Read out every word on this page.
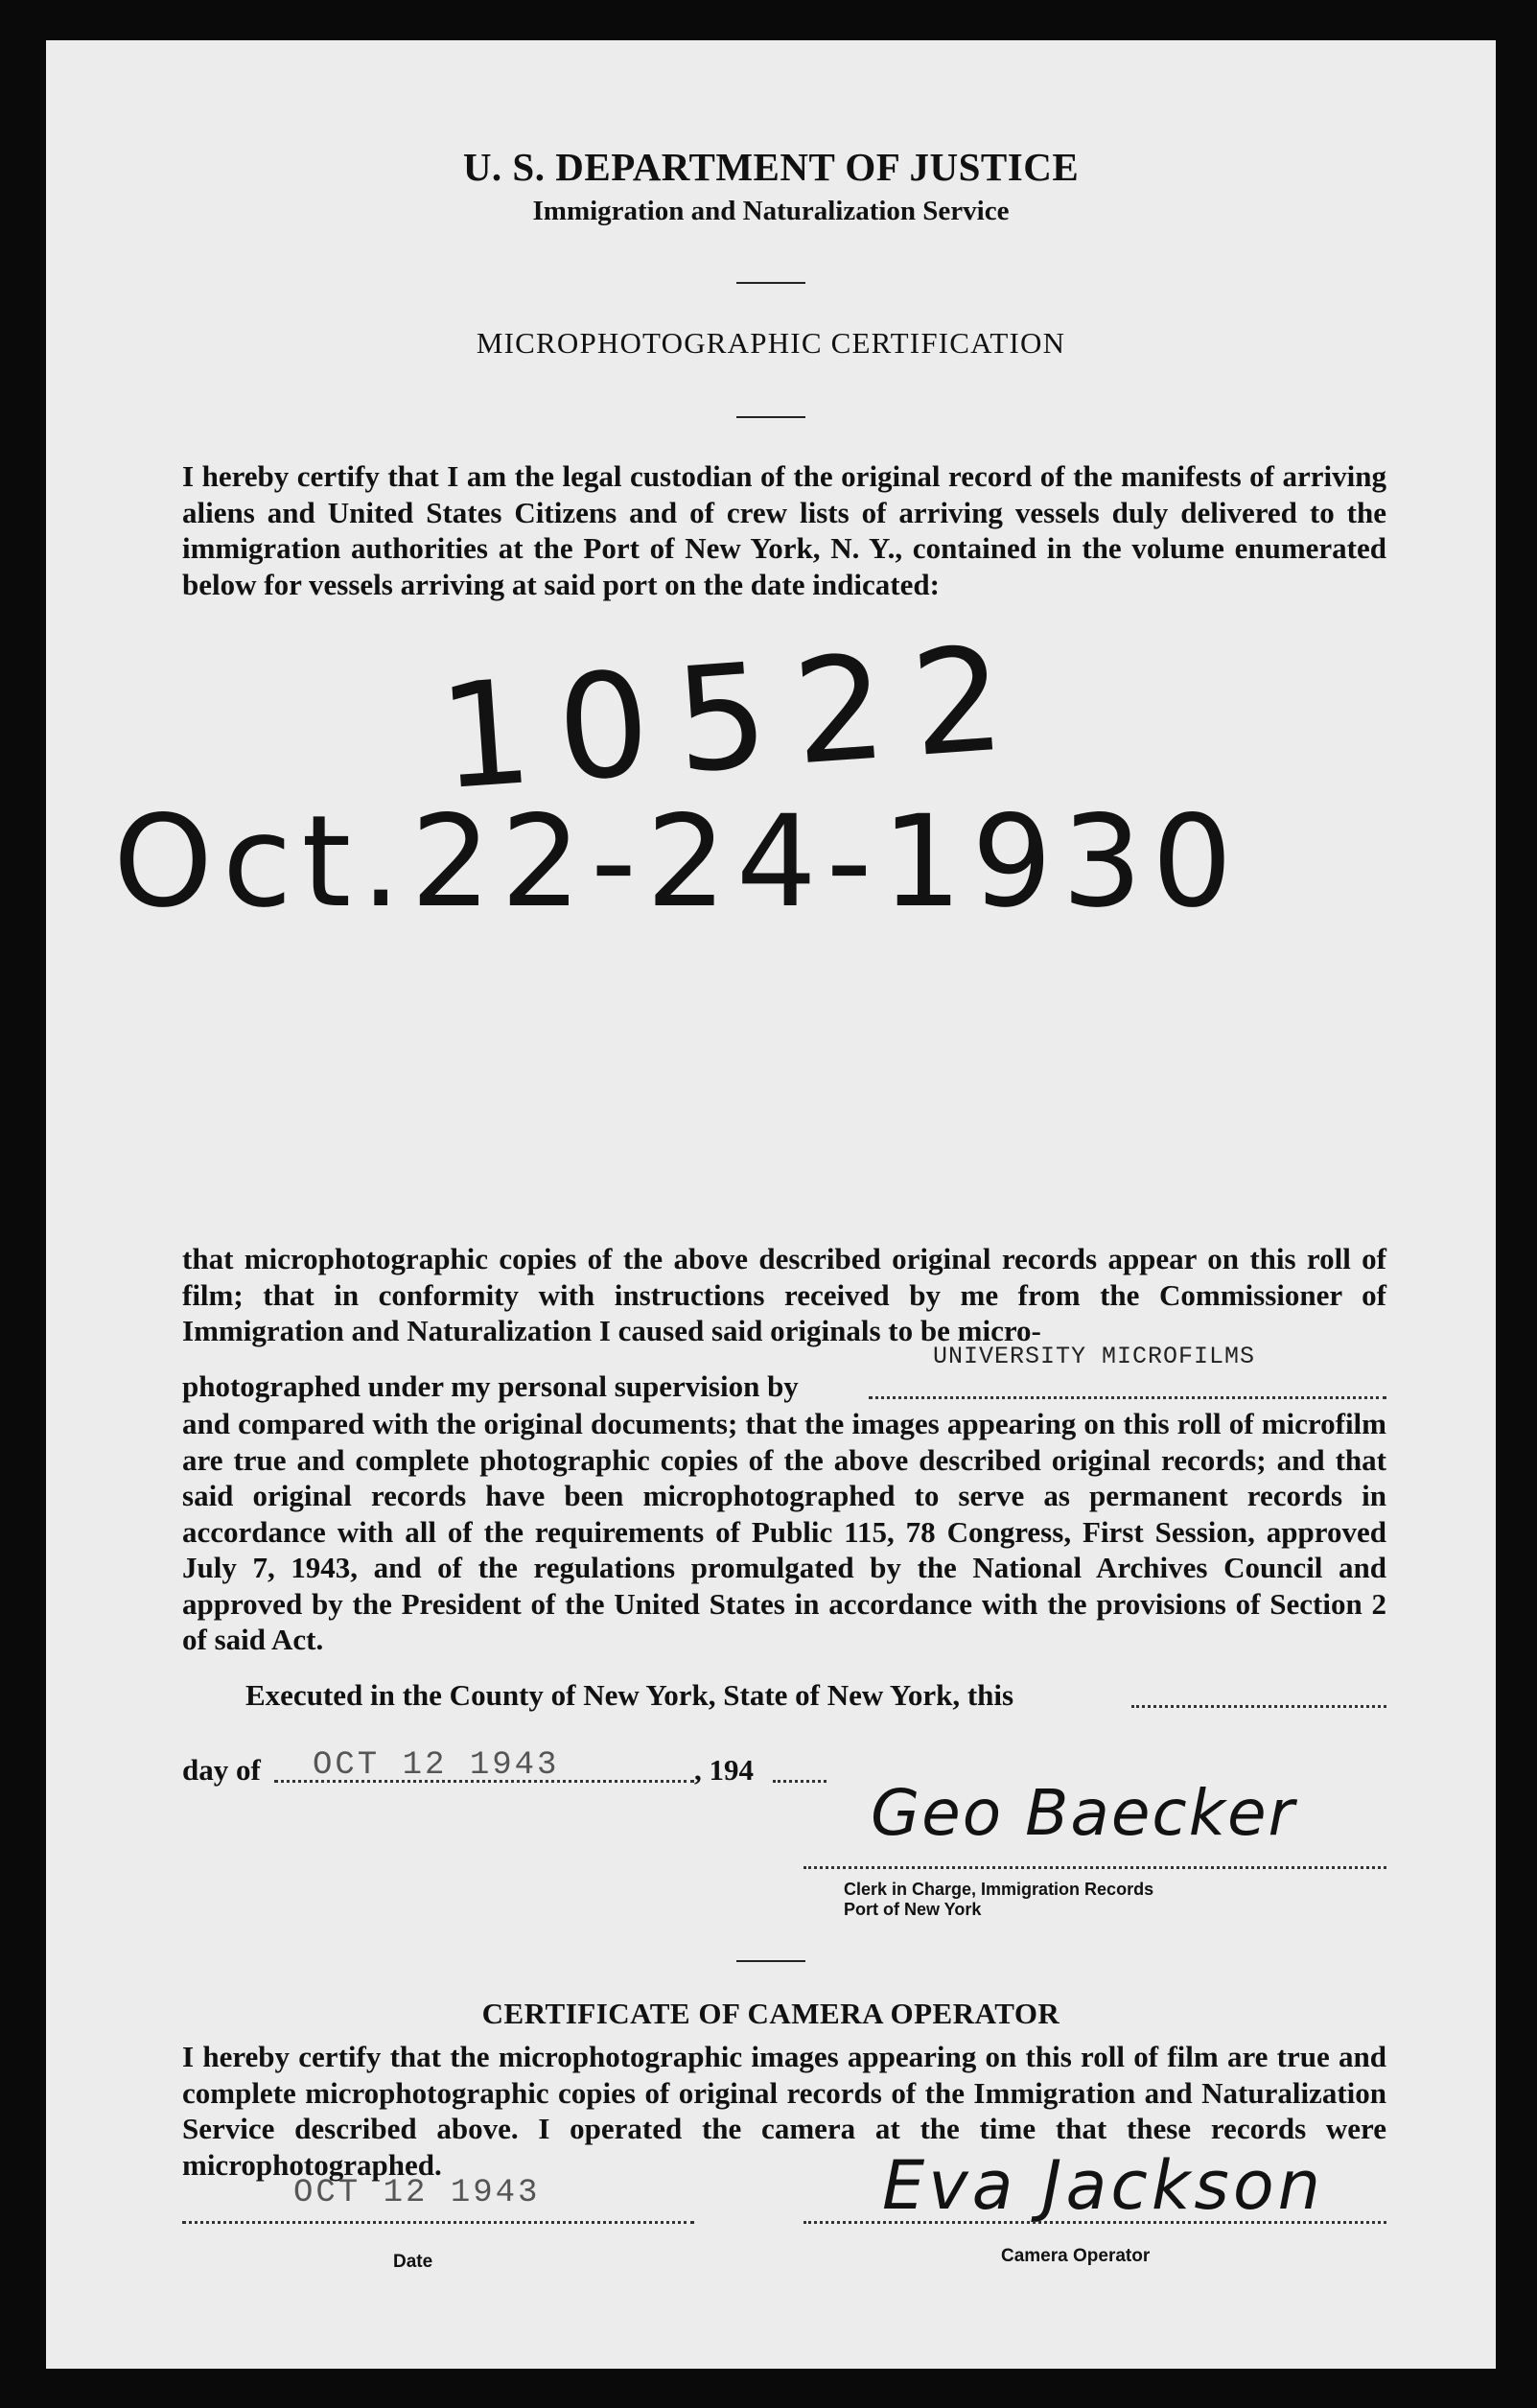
U. S. DEPARTMENT OF JUSTICE
Immigration and Naturalization Service
MICROPHOTOGRAPHIC CERTIFICATION
I hereby certify that I am the legal custodian of the original record of the manifests of arriving aliens and United States Citizens and of crew lists of arriving vessels duly delivered to the immigration authorities at the Port of New York, N. Y., contained in the volume enumerated below for vessels arriving at said port on the date indicated:
10522
Oct.22-24-1930
that microphotographic copies of the above described original records appear on this roll of film; that in conformity with instructions received by me from the Commissioner of Immigration and Naturalization I caused said originals to be micro-
photographed under my personal supervision by
UNIVERSITY MICROFILMS
and compared with the original documents; that the images appearing on this roll of microfilm are true and complete photographic copies of the above described original records; and that said original records have been microphotographed to serve as permanent records in accordance with all of the requirements of Public 115, 78 Congress, First Session, approved July 7, 1943, and of the regulations promulgated by the National Archives Council and approved by the President of the United States in accordance with the provisions of Section 2 of said Act.
Executed in the County of New York, State of New York, this
day of OCT 12 1943	, 194
Geo Baecker
Clerk in Charge, Immigration Records
Port of New York
CERTIFICATE OF CAMERA OPERATOR
I hereby certify that the microphotographic images appearing on this roll of film are true and complete microphotographic copies of original records of the Immigration and Naturalization Service described above. I operated the camera at the time that these records were microphotographed.
OCT 12 1943
Date
Eva Jackson
Camera Operator
